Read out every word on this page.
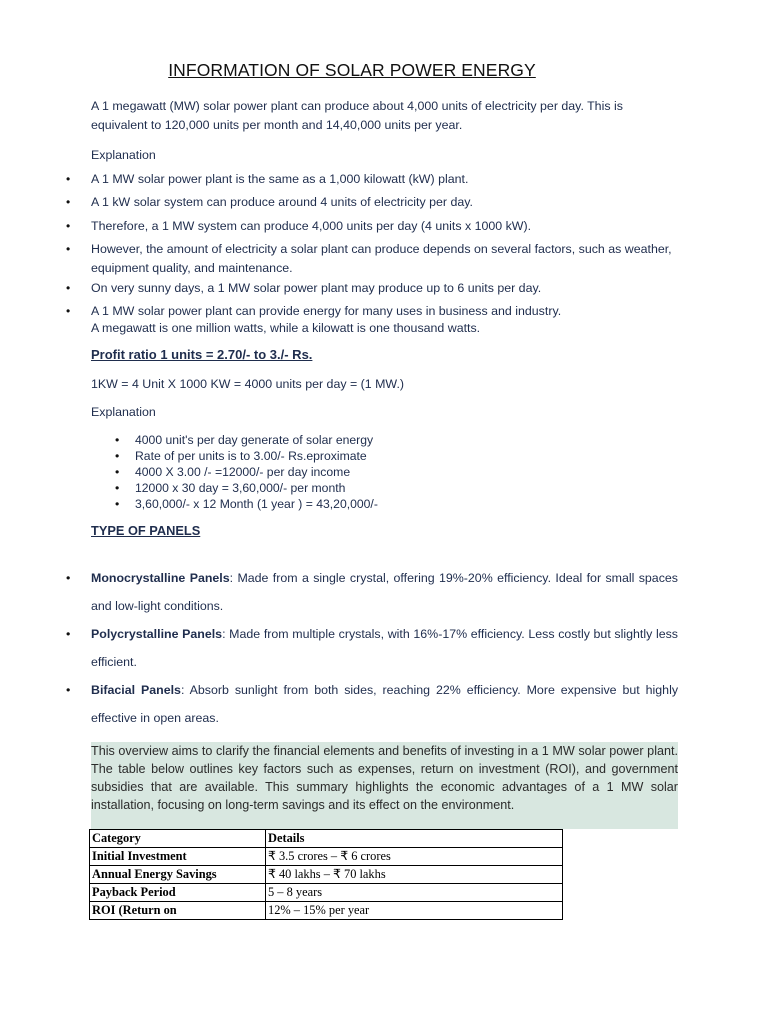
INFORMATION OF SOLAR POWER ENERGY
A 1 megawatt (MW) solar power plant can produce about 4,000 units of electricity per day. This is
equivalent to 120,000 units per month and 14,40,000 units per year.
Explanation
• A 1 MW solar power plant is the same as a 1,000 kilowatt (kW) plant.
• A 1 kW solar system can produce around 4 units of electricity per day.
• Therefore, a 1 MW system can produce 4,000 units per day (4 units x 1000 kW).
• However, the amount of electricity a solar plant can produce depends on several factors, such as weather, equipment quality, and maintenance.
• On very sunny days, a 1 MW solar power plant may produce up to 6 units per day.
• A 1 MW solar power plant can provide energy for many uses in business and industry.
A megawatt is one million watts, while a kilowatt is one thousand watts.
Profit ratio 1 units = 2.70/- to 3./- Rs.
1KW = 4 Unit X 1000 KW = 4000 units per day = (1 MW.)
Explanation
• 4000 unit's per day generate of solar energy
• Rate of per units is to 3.00/- Rs.eproximate
• 4000 X 3.00 /- =12000/- per day income
• 12000 x 30 day = 3,60,000/- per month
• 3,60,000/- x 12 Month (1 year ) = 43,20,000/-
TYPE OF PANELS
• Monocrystalline Panels: Made from a single crystal, offering 19%-20% efficiency. Ideal for small spaces and low-light conditions.
• Polycrystalline Panels: Made from multiple crystals, with 16%-17% efficiency. Less costly but slightly less efficient.
• Bifacial Panels: Absorb sunlight from both sides, reaching 22% efficiency. More expensive but highly effective in open areas.
This overview aims to clarify the financial elements and benefits of investing in a 1 MW solar power plant. The table below outlines key factors such as expenses, return on investment (ROI), and government subsidies that are available. This summary highlights the economic advantages of a 1 MW solar installation, focusing on long-term savings and its effect on the environment.
Category	Details
Initial Investment	₹ 3.5 crores – ₹ 6 crores
Annual Energy Savings	₹ 40 lakhs – ₹ 70 lakhs
Payback Period	5 – 8 years
ROI (Return on	12% – 15% per year
